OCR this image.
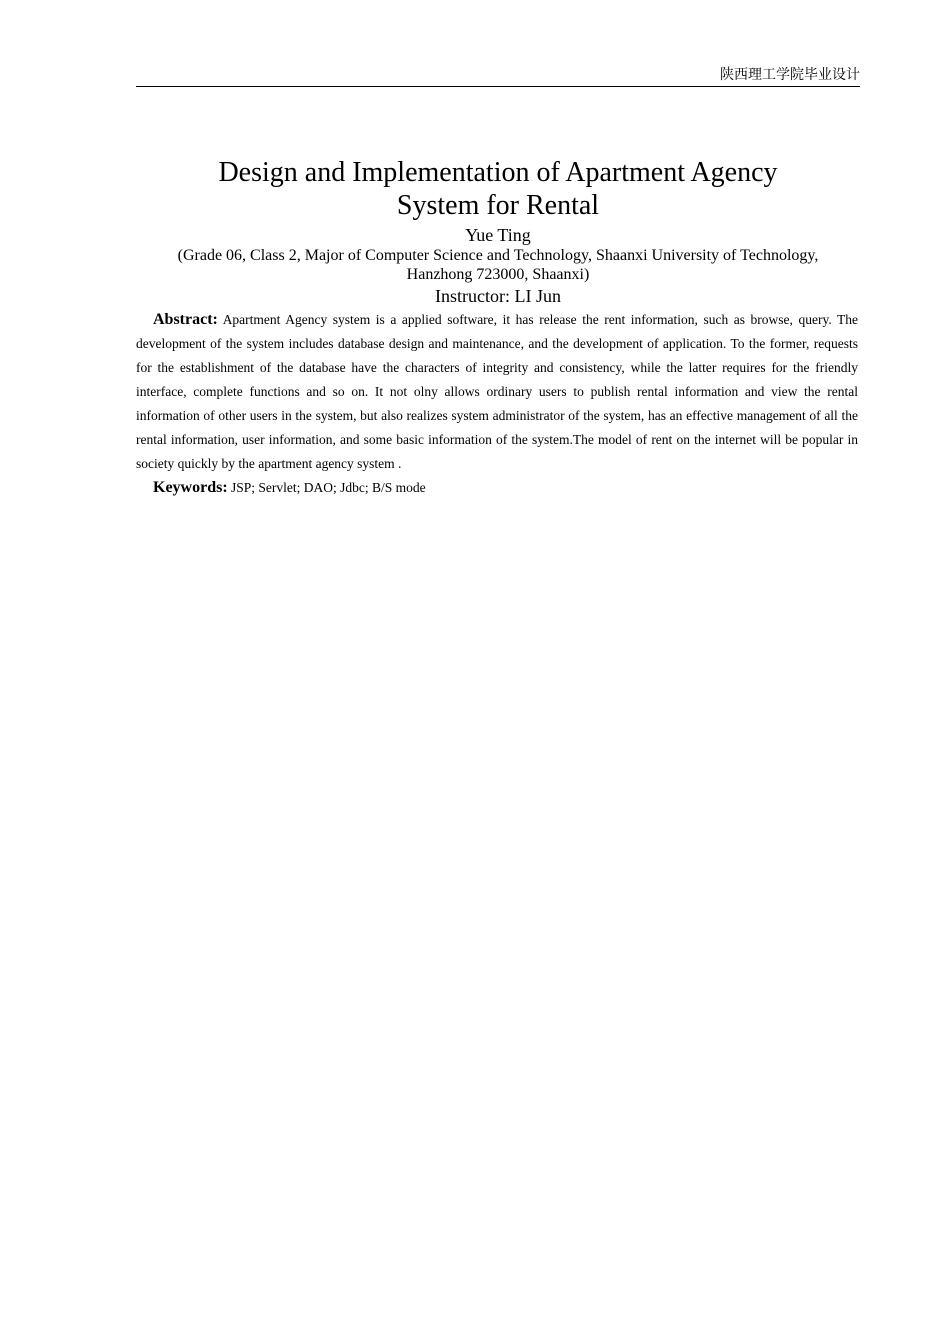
陕西理工学院毕业设计
Design and Implementation of Apartment Agency
System for Rental
Yue Ting
(Grade 06, Class 2, Major of Computer Science and Technology, Shaanxi University of Technology,
Hanzhong 723000, Shaanxi)
Instructor: LI Jun

Abstract: Apartment Agency system is a applied software, it has release the rent information, such as browse, query. The development of the system includes database design and maintenance, and the development of application. To the former, requests for the establishment of the database have the characters of integrity and consistency, while the latter requires for the friendly interface, complete functions and so on. It not olny allows ordinary users to publish rental information and view the rental information of other users in the system, but also realizes system administrator of the system, has an effective management of all the rental information, user information, and some basic information of the system.The model of rent on the internet will be popular in society quickly by the apartment agency system .

Keywords: JSP; Servlet; DAO; Jdbc; B/S mode
